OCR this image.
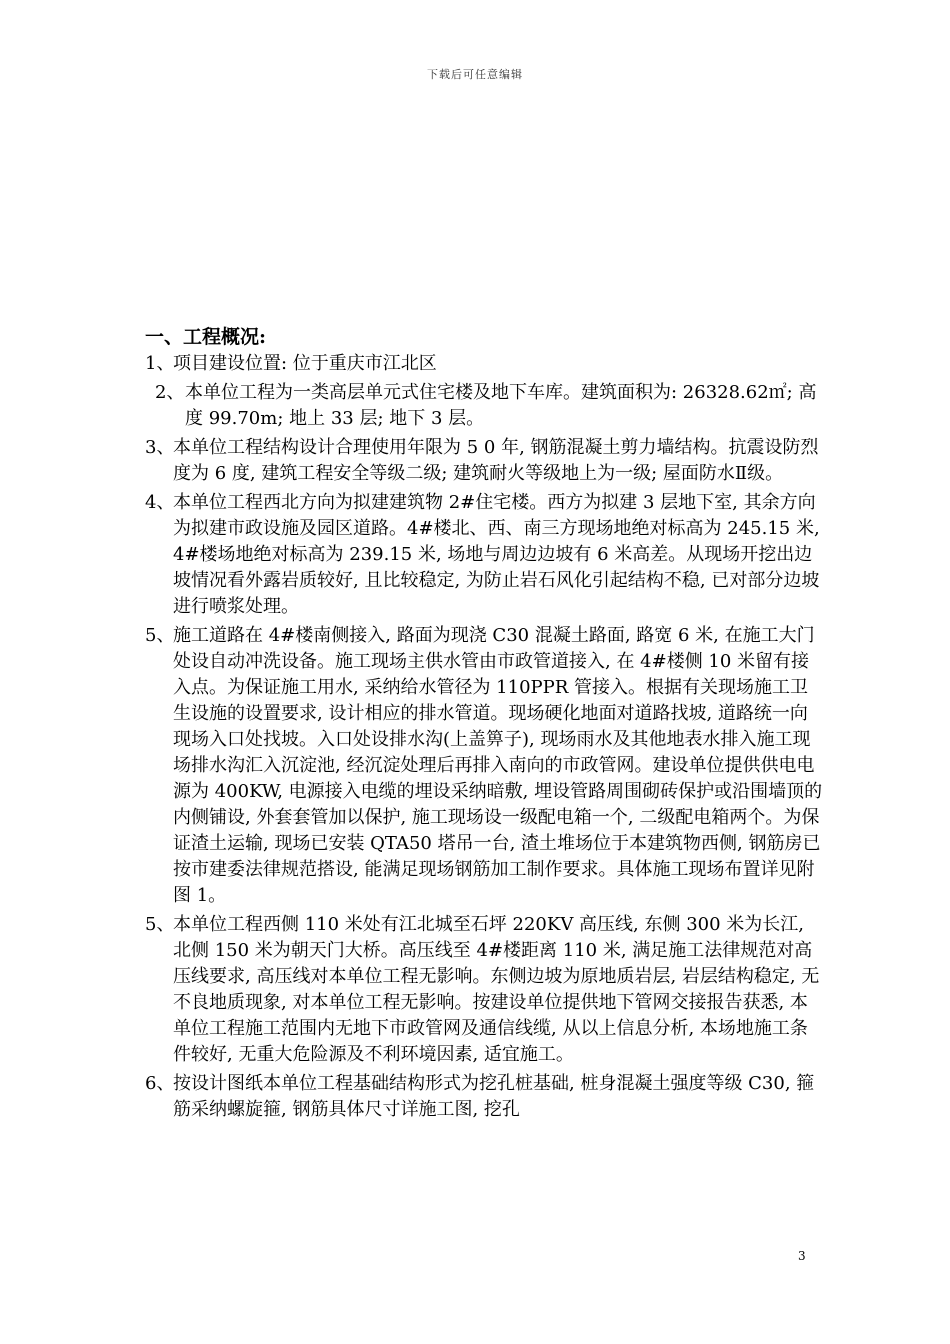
下载后可任意编辑
一、工程概况:
1、
项目建设位置: 位于重庆市江北区
2、 本单位工程为一类高层单元式住宅楼及地下车库。建筑面积为: 26328.62㎡; 高度 99.70m; 地上 33 层; 地下 3 层。
3、
本单位工程结构设计合理使用年限为 5 0 年, 钢筋混凝土剪力墙结构。抗震设防烈度为 6 度, 建筑工程安全等级二级; 建筑耐火等级地上为一级; 屋面防水Ⅱ级。
4、
本单位工程西北方向为拟建建筑物 2#住宅楼。西方为拟建 3 层地下室, 其余方向为拟建市政设施及园区道路。4#楼北、西、南三方现场地绝对标高为 245.15 米, 4#楼场地绝对标高为 239.15 米, 场地与周边边坡有 6 米高差。从现场开挖出边坡情况看外露岩质较好, 且比较稳定, 为防止岩石风化引起结构不稳, 已对部分边坡进行喷浆处理。
5、
施工道路在 4#楼南侧接入, 路面为现浇 C30 混凝土路面, 路宽 6 米, 在施工大门处设自动冲洗设备。施工现场主供水管由市政管道接入, 在 4#楼侧 10 米留有接入点。为保证施工用水, 采纳给水管径为 110PPR 管接入。根据有关现场施工卫生设施的设置要求, 设计相应的排水管道。现场硬化地面对道路找坡, 道路统一向现场入口处找坡。入口处设排水沟(上盖箅子), 现场雨水及其他地表水排入施工现场排水沟汇入沉淀池, 经沉淀处理后再排入南向的市政管网。建设单位提供供电电源为 400KW, 电源接入电缆的埋设采纳暗敷, 埋设管路周围砌砖保护或沿围墙顶的内侧铺设, 外套套管加以保护, 施工现场设一级配电箱一个, 二级配电箱两个。为保证渣土运输, 现场已安装 QTA50 塔吊一台, 渣土堆场位于本建筑物西侧, 钢筋房已按市建委法律规范搭设, 能满足现场钢筋加工制作要求。具体施工现场布置详见附图 1。
5、
本单位工程西侧 110 米处有江北城至石坪 220KV 高压线, 东侧 300 米为长江, 北侧 150 米为朝天门大桥。高压线至 4#楼距离 110 米, 满足施工法律规范对高压线要求, 高压线对本单位工程无影响。东侧边坡为原地质岩层, 岩层结构稳定, 无不良地质现象, 对本单位工程无影响。按建设单位提供地下管网交接报告获悉, 本单位工程施工范围内无地下市政管网及通信线缆, 从以上信息分析, 本场地施工条件较好, 无重大危险源及不利环境因素, 适宜施工。
6、
按设计图纸本单位工程基础结构形式为挖孔桩基础, 桩身混凝土强度等级 C30, 箍筋采纳螺旋箍, 钢筋具体尺寸详施工图, 挖孔
3
